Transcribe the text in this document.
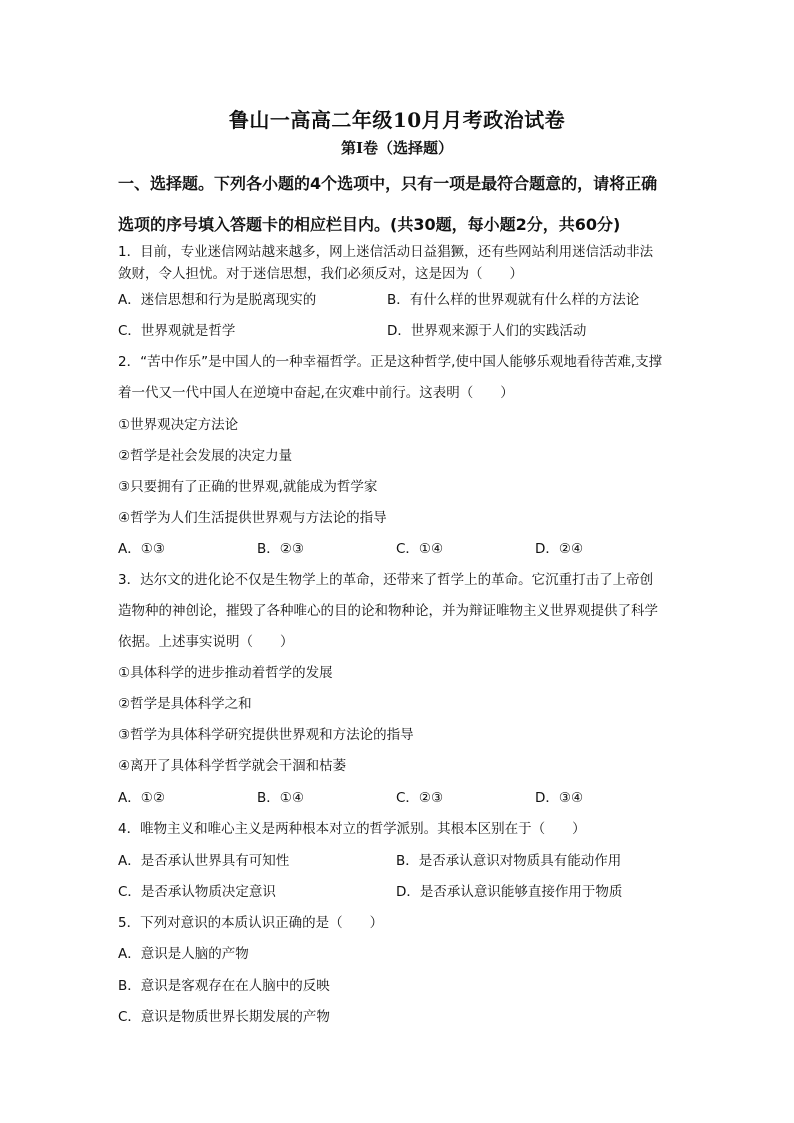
鲁山一高高二年级10月月考政治试卷
第Ⅰ卷（选择题）
一、选择题。下列各小题的4个选项中，只有一项是最符合题意的，请将正确
选项的序号填入答题卡的相应栏目内。(共30题，每小题2分，共60分)
1．目前，专业迷信网站越来越多，网上迷信活动日益猖獗，还有些网站利用迷信活动非法
敛财，令人担忧。对于迷信思想，我们必须反对，这是因为（　　）
A．迷信思想和行为是脱离现实的	B．有什么样的世界观就有什么样的方法论
C．世界观就是哲学	D．世界观来源于人们的实践活动
2．“苦中作乐”是中国人的一种幸福哲学。正是这种哲学,使中国人能够乐观地看待苦难,支撑
着一代又一代中国人在逆境中奋起,在灾难中前行。这表明（　　）
①世界观决定方法论
②哲学是社会发展的决定力量
③只要拥有了正确的世界观,就能成为哲学家
④哲学为人们生活提供世界观与方法论的指导
A．①③	B．②③	C．①④	D．②④
3．达尔文的进化论不仅是生物学上的革命，还带来了哲学上的革命。它沉重打击了上帝创
造物种的神创论，摧毁了各种唯心的目的论和物种论，并为辩证唯物主义世界观提供了科学
依据。上述事实说明（　　）
①具体科学的进步推动着哲学的发展
②哲学是具体科学之和
③哲学为具体科学研究提供世界观和方法论的指导
④离开了具体科学哲学就会干涸和枯萎
A．①②	B．①④	C．②③	D．③④
4．唯物主义和唯心主义是两种根本对立的哲学派别。其根本区别在于（　　）
A．是否承认世界具有可知性	B．是否承认意识对物质具有能动作用
C．是否承认物质决定意识	D．是否承认意识能够直接作用于物质
5．下列对意识的本质认识正确的是（　　）
A．意识是人脑的产物
B．意识是客观存在在人脑中的反映
C．意识是物质世界长期发展的产物
